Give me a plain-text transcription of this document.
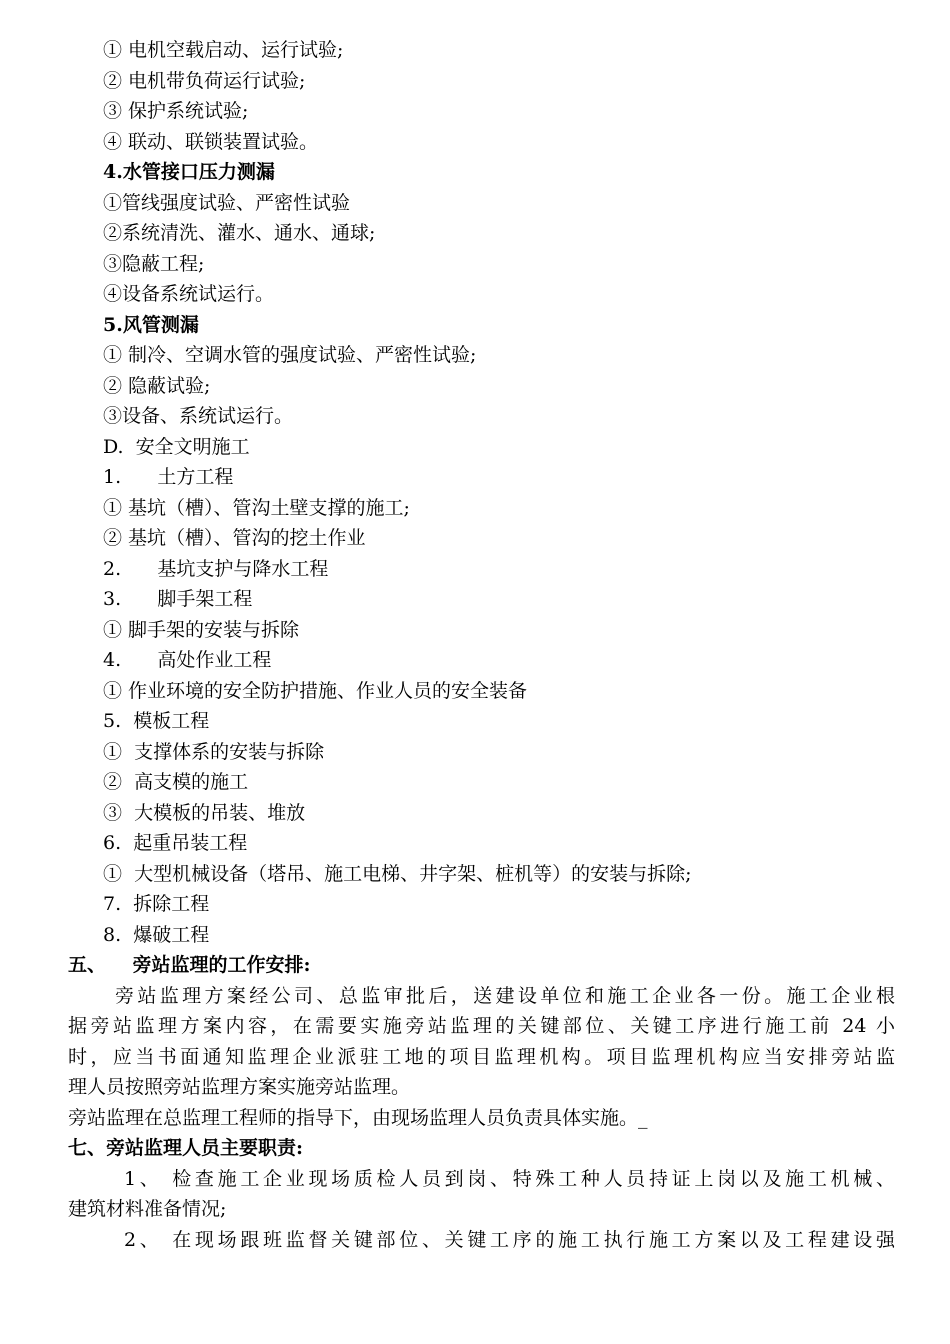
① 电机空载启动、运行试验;
② 电机带负荷运行试验;
③ 保护系统试验;
④ 联动、联锁装置试验。
4.水管接口压力测漏
①管线强度试验、严密性试验
②系统清洗、灌水、通水、通球;
③隐蔽工程;
④设备系统试运行。
5.风管测漏
① 制冷、空调水管的强度试验、严密性试验;
② 隐蔽试验;
③设备、系统试运行。
D.  安全文明施工
1.      土方工程
① 基坑（槽）、管沟土壁支撑的施工;
② 基坑（槽）、管沟的挖土作业
2.      基坑支护与降水工程
3.      脚手架工程
① 脚手架的安装与拆除
4.      高处作业工程
① 作业环境的安全防护措施、作业人员的安全装备
5.  模板工程
①  支撑体系的安装与拆除
②  高支模的施工
③  大模板的吊装、堆放
6.  起重吊装工程
①  大型机械设备（塔吊、施工电梯、井字架、桩机等）的安装与拆除;
7.  拆除工程
8.  爆破工程
五、    旁站监理的工作安排:
旁站监理方案经公司、总监审批后，送建设单位和施工企业各一份。施工企业根
据旁站监理方案内容，在需要实施旁站监理的关键部位、关键工序进行施工前 24 小
时，应当书面通知监理企业派驻工地的项目监理机构。项目监理机构应当安排旁站监
理人员按照旁站监理方案实施旁站监理。
旁站监理在总监理工程师的指导下，由现场监理人员负责具体实施。_
七、旁站监理人员主要职责:
1、 检查施工企业现场质检人员到岗、特殊工种人员持证上岗以及施工机械、
建筑材料准备情况;
2、 在现场跟班监督关键部位、关键工序的施工执行施工方案以及工程建设强
